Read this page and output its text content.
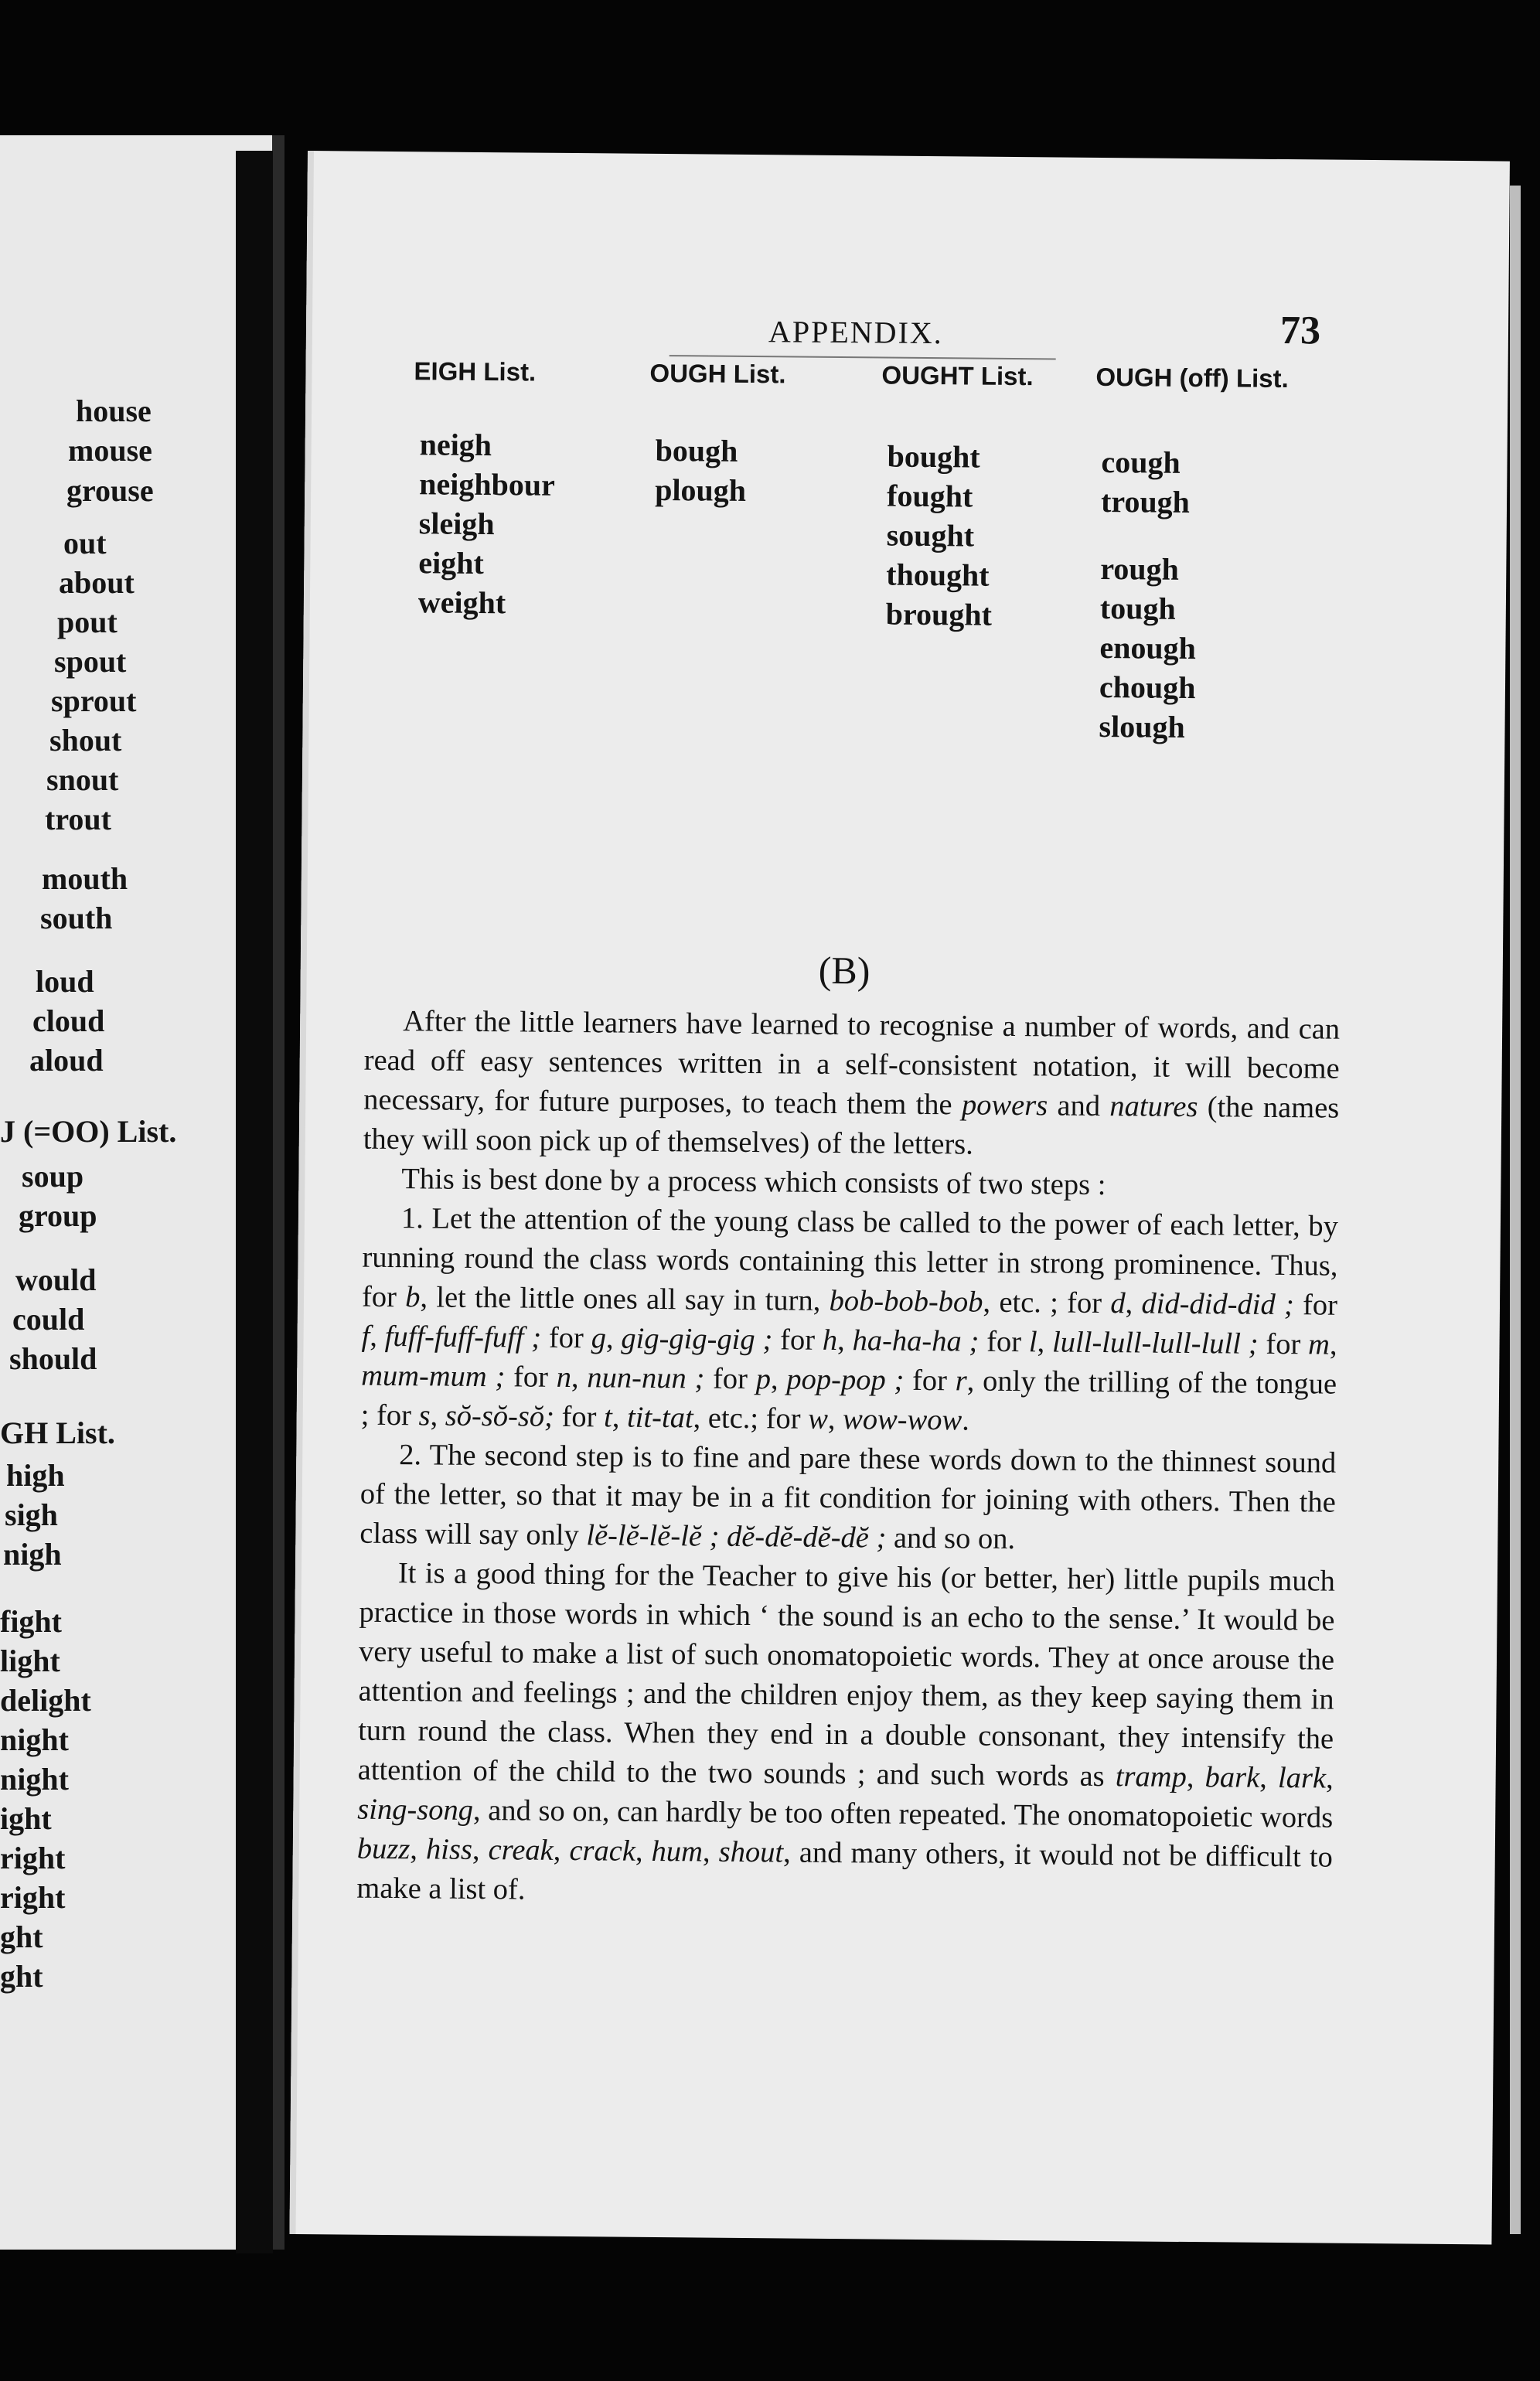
house
mouse
grouse
out
about
pout
spout
sprout
shout
snout
trout
mouth
south
loud
cloud
aloud
J (=OO) List.
soup
group
would
could
should
GH List.
high
sigh
nigh
fight
light
delight
night
night
ight
right
right
ght
ght
APPENDIX.	73
EIGH List.
neigh
neighbour
sleigh
eight
weight
OUGH List.
bough
plough
OUGHT List.
bought
fought
sought
thought
brought
OUGH (off) List.
cough
trough
rough
tough
enough
chough
slough
(B)

After the little learners have learned to recognise a number of words, and can read off easy sentences written in a self-consistent notation, it will become necessary, for future purposes, to teach them the powers and natures (the names they will soon pick up of themselves) of the letters.

This is best done by a process which consists of two steps :

1. Let the attention of the young class be called to the power of each letter, by running round the class words containing this letter in strong prominence. Thus, for b, let the little ones all say in turn, bob-bob-bob, etc. ; for d, did-did-did ; for f, fuff-fuff-fuff ; for g, gig-gig-gig ; for h, ha-ha-ha ; for l, lull-lull-lull-lull ; for m, mum-mum ; for n, nun-nun ; for p, pop-pop ; for r, only the trilling of the tongue ; for s, sŏ-sŏ-sŏ; for t, tit-tat, etc.; for w, wow-wow.

2. The second step is to fine and pare these words down to the thinnest sound of the letter, so that it may be in a fit condition for joining with others. Then the class will say only lĕ-lĕ-lĕ-lĕ ; dĕ-dĕ-dĕ-dĕ ; and so on.

It is a good thing for the Teacher to give his (or better, her) little pupils much practice in those words in which ‘ the sound is an echo to the sense.’ It would be very useful to make a list of such onomatopoietic words. They at once arouse the attention and feelings ; and the children enjoy them, as they keep saying them in turn round the class. When they end in a double consonant, they intensify the attention of the child to the two sounds ; and such words as tramp, bark, lark, sing-song, and so on, can hardly be too often repeated. The onomatopoietic words buzz, hiss, creak, crack, hum, shout, and many others, it would not be difficult to make a list of.
